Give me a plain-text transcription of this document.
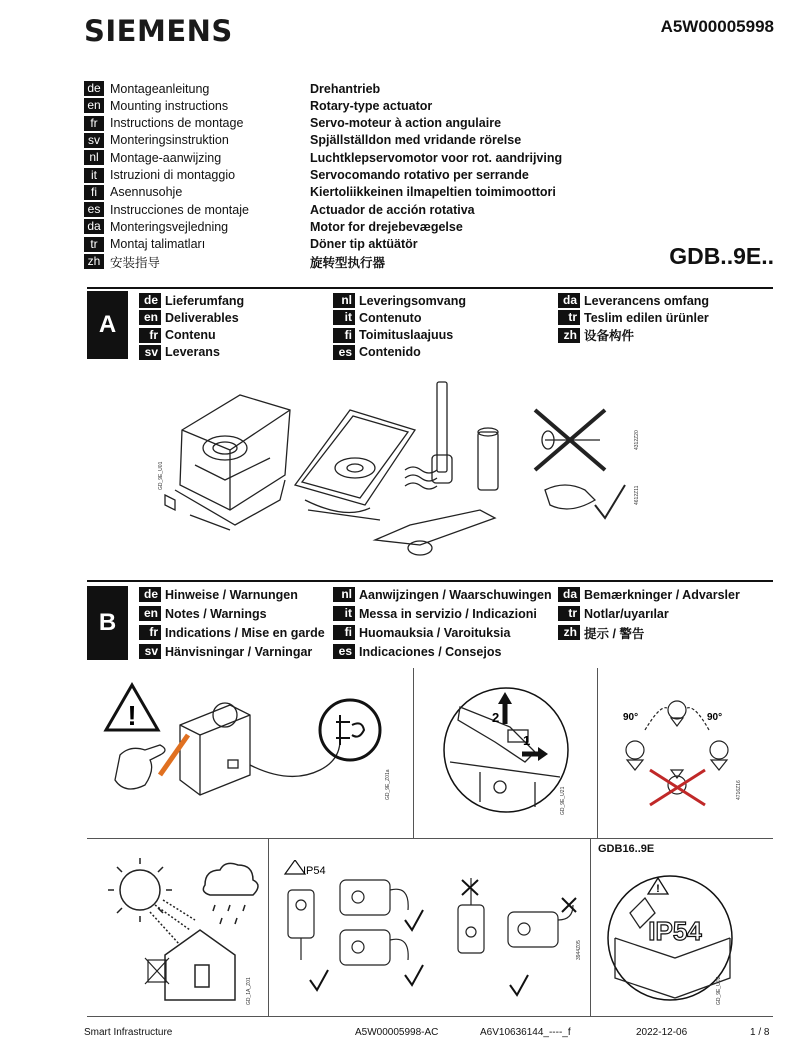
SIEMENS	A5W00005998
de Montageanleitung	Drehantrieb
en Mounting instructions	Rotary-type actuator
fr Instructions de montage	Servo-moteur à action angulaire
sv Monteringsinstruktion	Spjällställdon med vridande rörelse
nl Montage-aanwijzing	Luchtklepservomotor voor rot. aandrijving
it	Istruzioni di montaggio	Servocomando rotativo per serrande
fi	Asennusohje	Kiertoliikkeinen ilmapeltien toimimoottori
es Instrucciones de montaje	Actuador de acción rotativa
da Monteringsvejledning	Motor for drejebevægelse
tr Montaj talimatları	Döner tip aktüätör
zh 安装指导	旋转型执行器	GDB..9E..
A
de Lieferumfang
en Deliverables
fr Contenu
sv Leverans
nl Leveringsomvang
it Contenuto
fi Toimituslaajuus
es Contenido
da Leverancens omfang
tr Teslim edilen ürünler
zh 设备构件
GD_9E_U01
4312Z20
4612Z11
B
de Hinweise / Warnungen
en Notes / Warnings
fr Indications / Mise en garde
sv Hänvisningar / Varningar
nl Aanwijzingen / Waarschuwingen
it Messa in servizio / Indicazioni
fi Huomauksia / Varoituksia
es Indicaciones / Consejos
da Bemærkninger / Advarsler
tr Notlar/uyarılar
zh 提示 / 警告
!
GD_9E_Z01a
2
1
GD_9E_U21
90°	90°
4716Z16
GD_1A_Z01
IP54
3944Z05
GDB16..9E
!
IP54
GD_9E_U02
Smart Infrastructure	A5W00005998-AC	A6V10636144_----_f	2022-12-06	1 / 8
